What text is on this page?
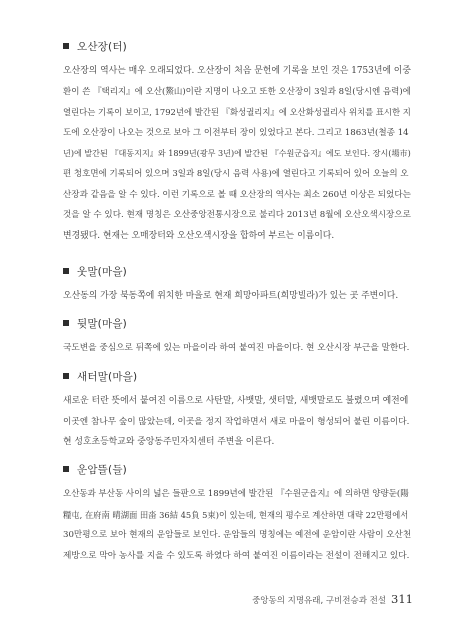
오산장(터)
오산장의 역사는 매우 오래되었다. 오산장이 처음 문헌에 기록을 보인 것은 1753년에 이중
환이 쓴 『택리지』에 오산(鰲山)이란 지명이 나오고 또한 오산장이 3일과 8일(당시엔 음력)에
열린다는 기록이 보이고, 1792년에 발간된 『화성궐리지』에 오산화성궐리사 위치를 표시한 지
도에 오산장이 나오는 것으로 보아 그 이전부터 장이 있었다고 본다. 그리고 1863년(철종 14
년)에 발간된 『대동지지』와 1899년(광무 3년)에 발간된 『수원군읍지』에도 보인다. 장시(場市)
편 청호면에 기록되어 있으며 3일과 8일(당시 음력 사용)에 열린다고 기록되어 있어 오늘의 오
산장과 같음을 알 수 있다. 이런 기록으로 볼 때 오산장의 역사는 최소 260년 이상은 되었다는
것을 알 수 있다. 현재 명칭은 오산중앙전통시장으로 불리다 2013년 8월에 오산오색시장으로
변경됐다. 현재는 오매장터와 오산오색시장을 합하여 부르는 이름이다.
웃말(마을)
오산동의 가장 북동쪽에 위치한 마을로 현재 희망아파트(희망빌라)가 있는 곳 주변이다.
뒷말(마을)
국도변을 중심으로 뒤쪽에 있는 마을이라 하여 붙여진 마을이다. 현 오산시장 부근을 말한다.
새터말(마을)
새로운 터란 뜻에서 붙여진 이름으로 사탄말, 사뱃말, 샛터말, 새뱃말로도 불렸으며 예전에
이곳엔 참나무 숲이 많았는데, 이곳을 정지 작업하면서 새로 마을이 형성되어 붙린 이름이다.
현 성호초등학교와 중앙동주민자치센터 주변을 이른다.
운암뜰(들)
오산동과 부산동 사이의 넓은 들판으로 1899년에 발간된 『수원군읍지』에 의하면 양량둔(陽
糧屯, 在府南 晴湖面 田畓 36結 45負 5束)이 있는데, 현재의 평수로 계산하면 대략 22만평에서
30만평으로 보아 현재의 운암들로 보인다. 운암들의 명칭에는 예전에 운암이란 사람이 오산천
제방으로 막아 농사를 지을 수 있도록 하였다 하여 붙여진 이름이라는 전설이 전해지고 있다.
중앙동의 지명유래, 구비전승과 전설 311
